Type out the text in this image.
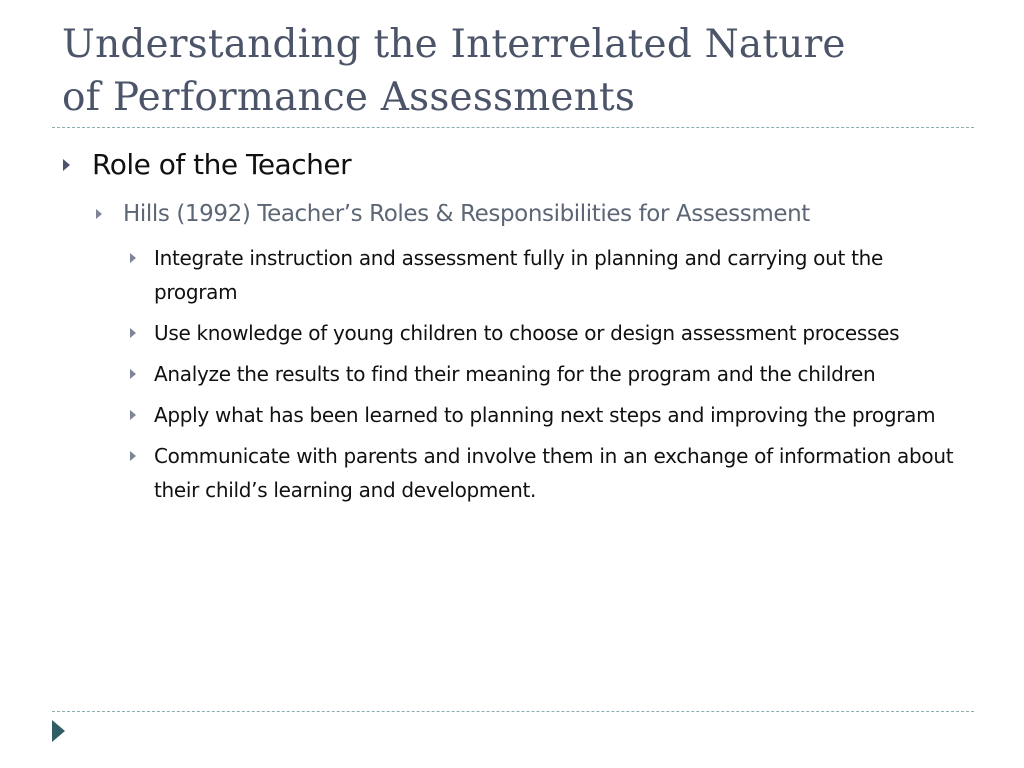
Understanding the Interrelated Nature
of Performance Assessments
Role of the Teacher
Hills (1992) Teacher’s Roles & Responsibilities for Assessment
Integrate instruction and assessment fully in planning and carrying out the program
Use knowledge of young children to choose or design assessment processes
Analyze the results to find their meaning for the program and the children
Apply what has been learned to planning next steps and improving the program
Communicate with parents and involve them in an exchange of information about their child’s learning and development.
